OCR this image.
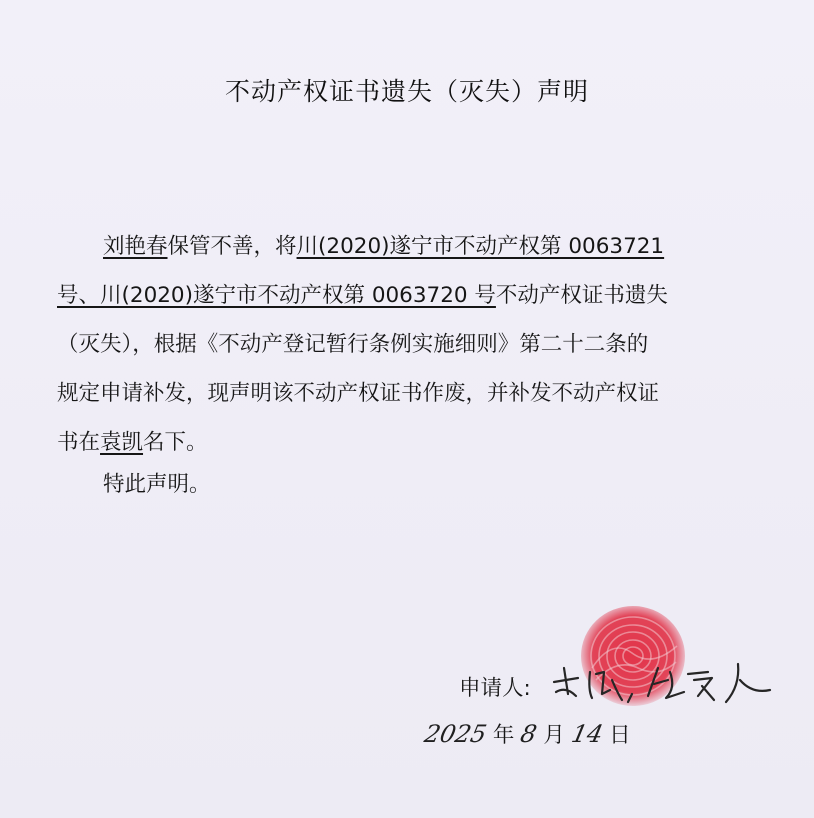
不动产权证书遗失（灭失）声明
刘艳春保管不善，将川(2020)遂宁市不动产权第 0063721
号、川(2020)遂宁市不动产权第 0063720 号不动产权证书遗失
（灭失），根据《不动产登记暂行条例实施细则》第二十二条的
规定申请补发，现声明该不动产权证书作废，并补发不动产权证
书在袁凯名下。
特此声明。
申请人:
2025 年 8 月 14 日
